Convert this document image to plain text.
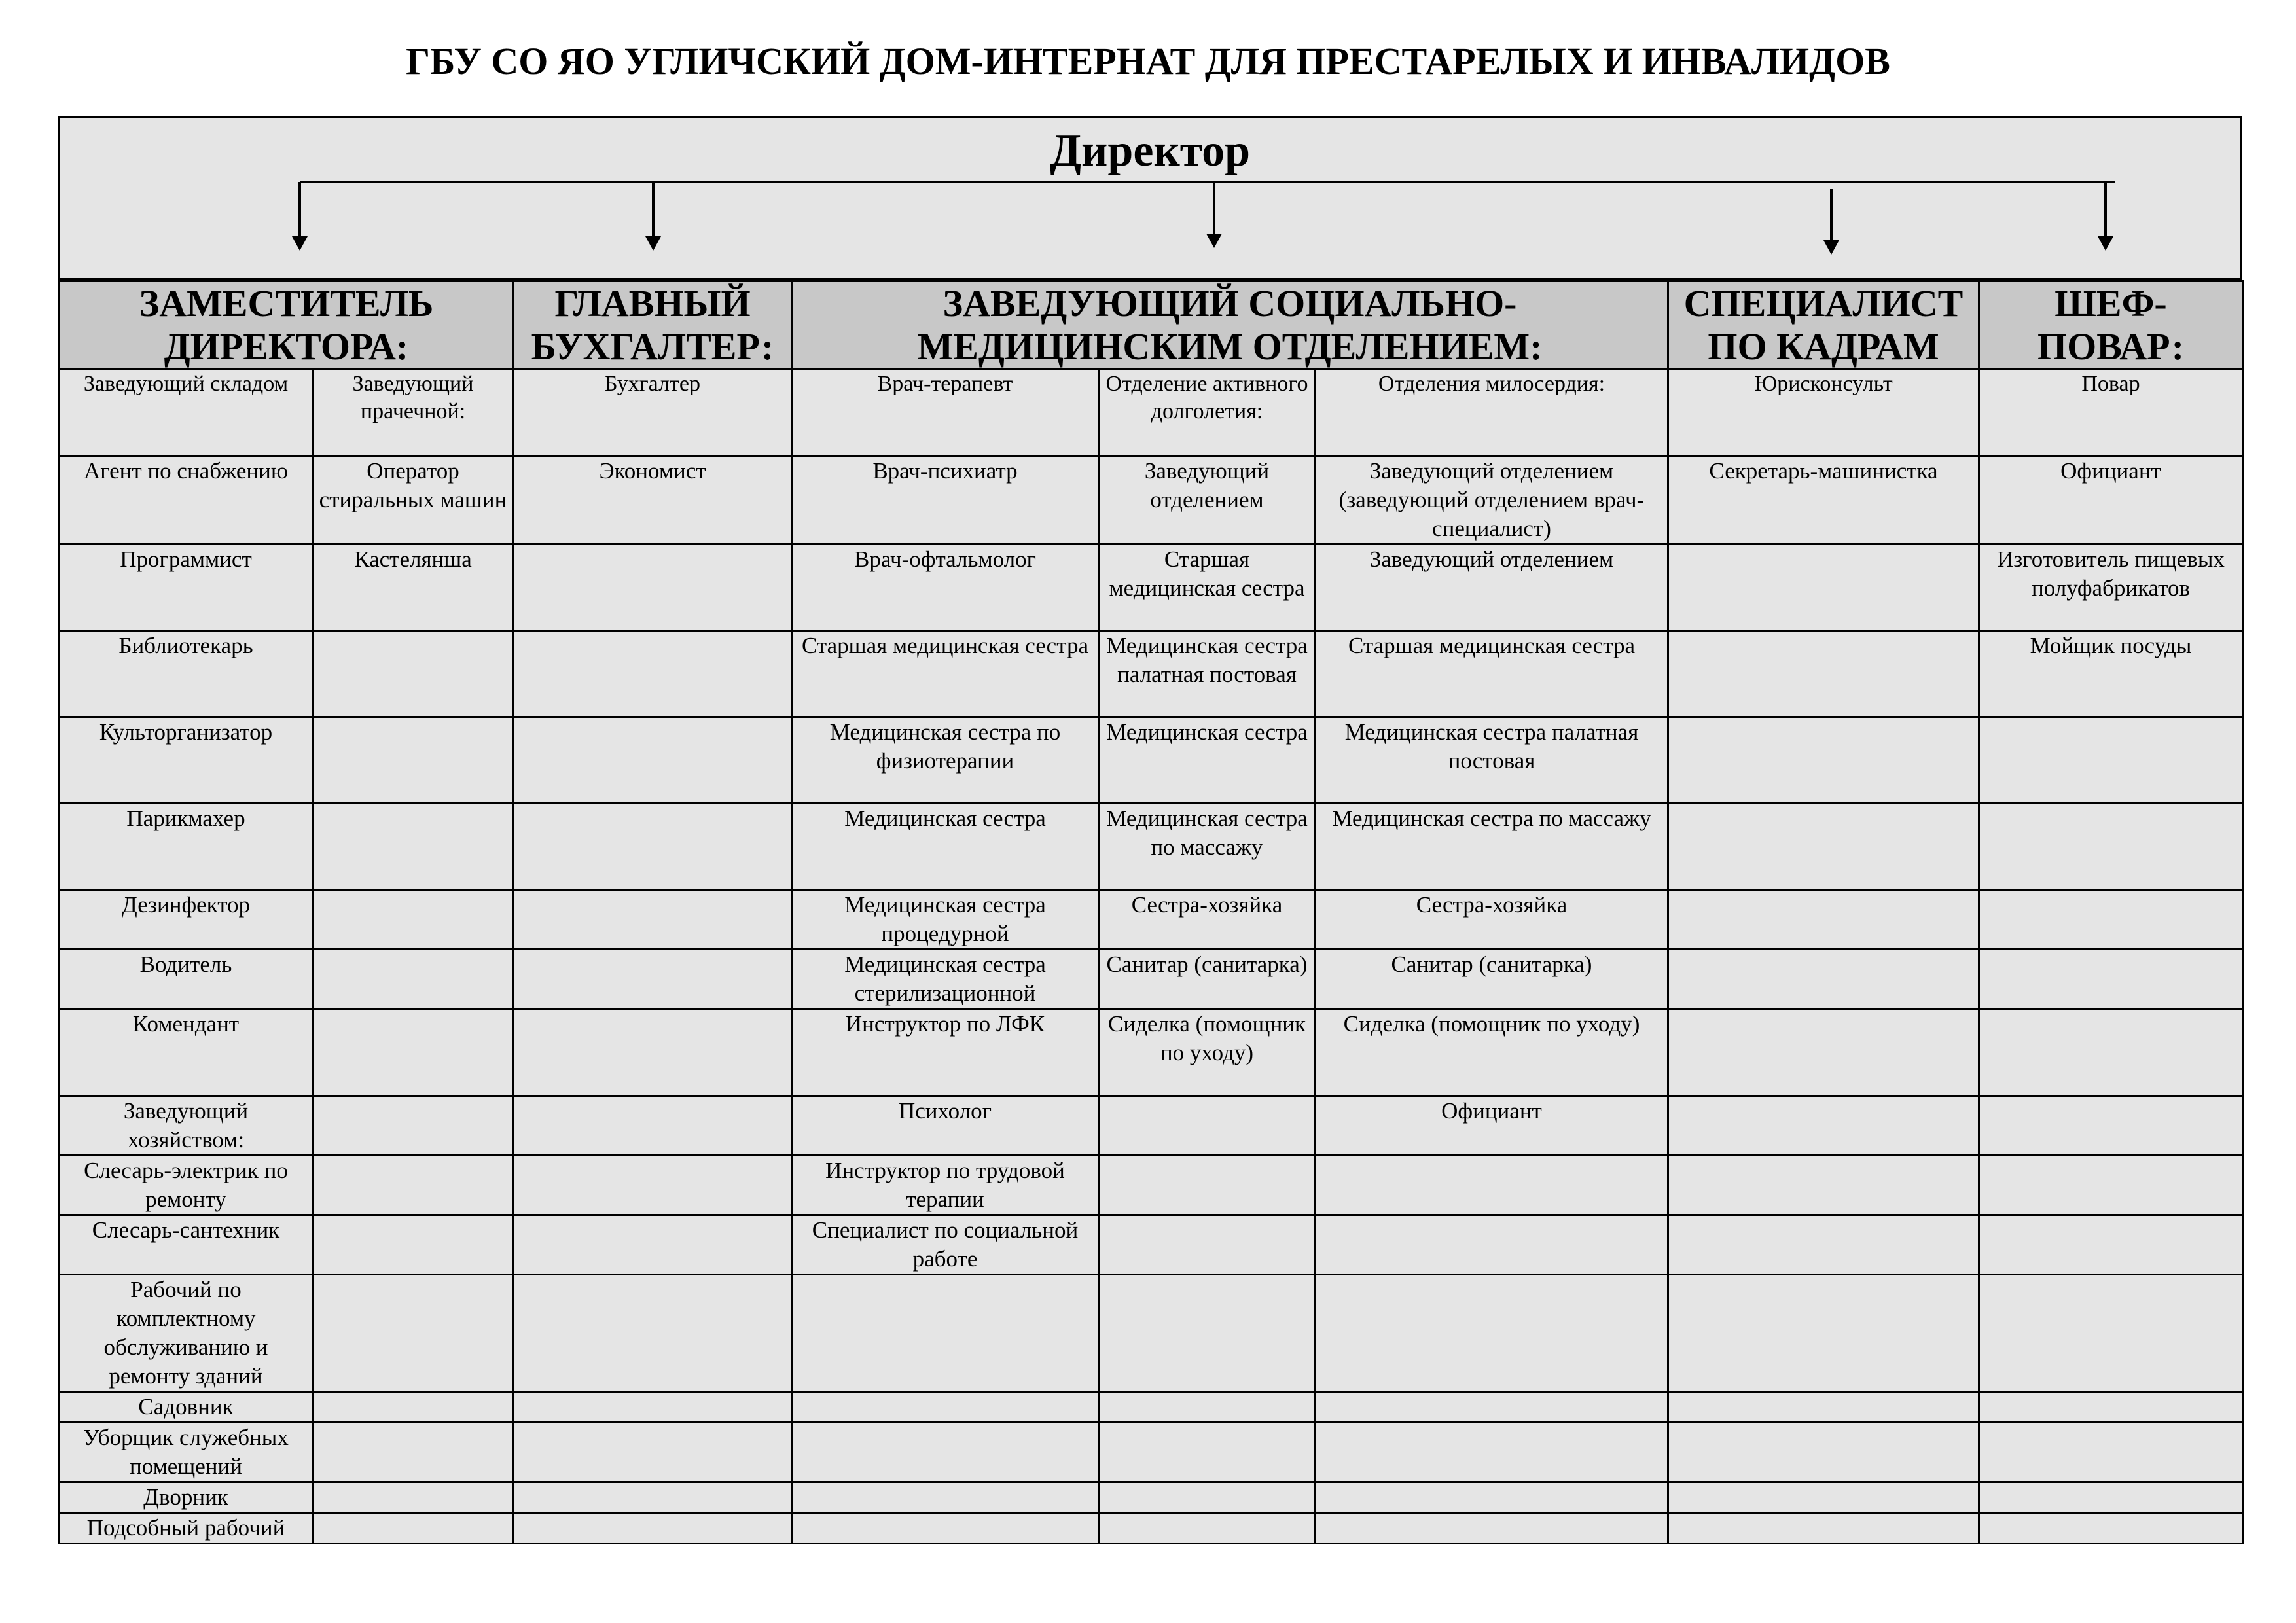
ГБУ СО ЯО УГЛИЧСКИЙ ДОМ-ИНТЕРНАТ ДЛЯ ПРЕСТАРЕЛЫХ И ИНВАЛИДОВ
Директор
ЗАМЕСТИТЕЛЬ ДИРЕКТОРА:		ГЛАВНЫЙ БУХГАЛТЕР:	ЗАВЕДУЮЩИЙ СОЦИАЛЬНО-МЕДИЦИНСКИМ ОТДЕЛЕНИЕМ:			СПЕЦИАЛИСТ ПО КАДРАМ	ШЕФ-ПОВАР:
Заведующий складом	Заведующий прачечной:	Бухгалтер	Врач-терапевт	Отделение активного долголетия:	Отделения милосердия:	Юрисконсульт	Повар
Агент по снабжению	Оператор стиральных машин	Экономист	Врач-психиатр	Заведующий отделением	Заведующий отделением (заведующий отделением врач-специалист)	Секретарь-машинистка	Официант
Программист	Кастелянша		Врач-офтальмолог	Старшая медицинская сестра	Заведующий отделением		Изготовитель пищевых полуфабрикатов
Библиотекарь			Старшая медицинская сестра	Медицинская сестра палатная постовая	Старшая медицинская сестра		Мойщик посуды
Культорганизатор			Медицинская сестра по физиотерапии	Медицинская сестра	Медицинская сестра палатная постовая		
Парикмахер			Медицинская сестра	Медицинская сестра по массажу	Медицинская сестра по массажу		
Дезинфектор			Медицинская сестра процедурной	Сестра-хозяйка	Сестра-хозяйка		
Водитель			Медицинская сестра стерилизационной	Санитар (санитарка)	Санитар (санитарка)		
Комендант			Инструктор по ЛФК	Сиделка (помощник по уходу)	Сиделка (помощник по уходу)		
Заведующий хозяйством:			Психолог		Официант		
Слесарь-электрик по ремонту			Инструктор по трудовой терапии				
Слесарь-сантехник			Специалист по социальной работе				
Рабочий по комплектному обслуживанию и ремонту зданий							
Садовник							
Уборщик служебных помещений							
Дворник							
Подсобный рабочий							
